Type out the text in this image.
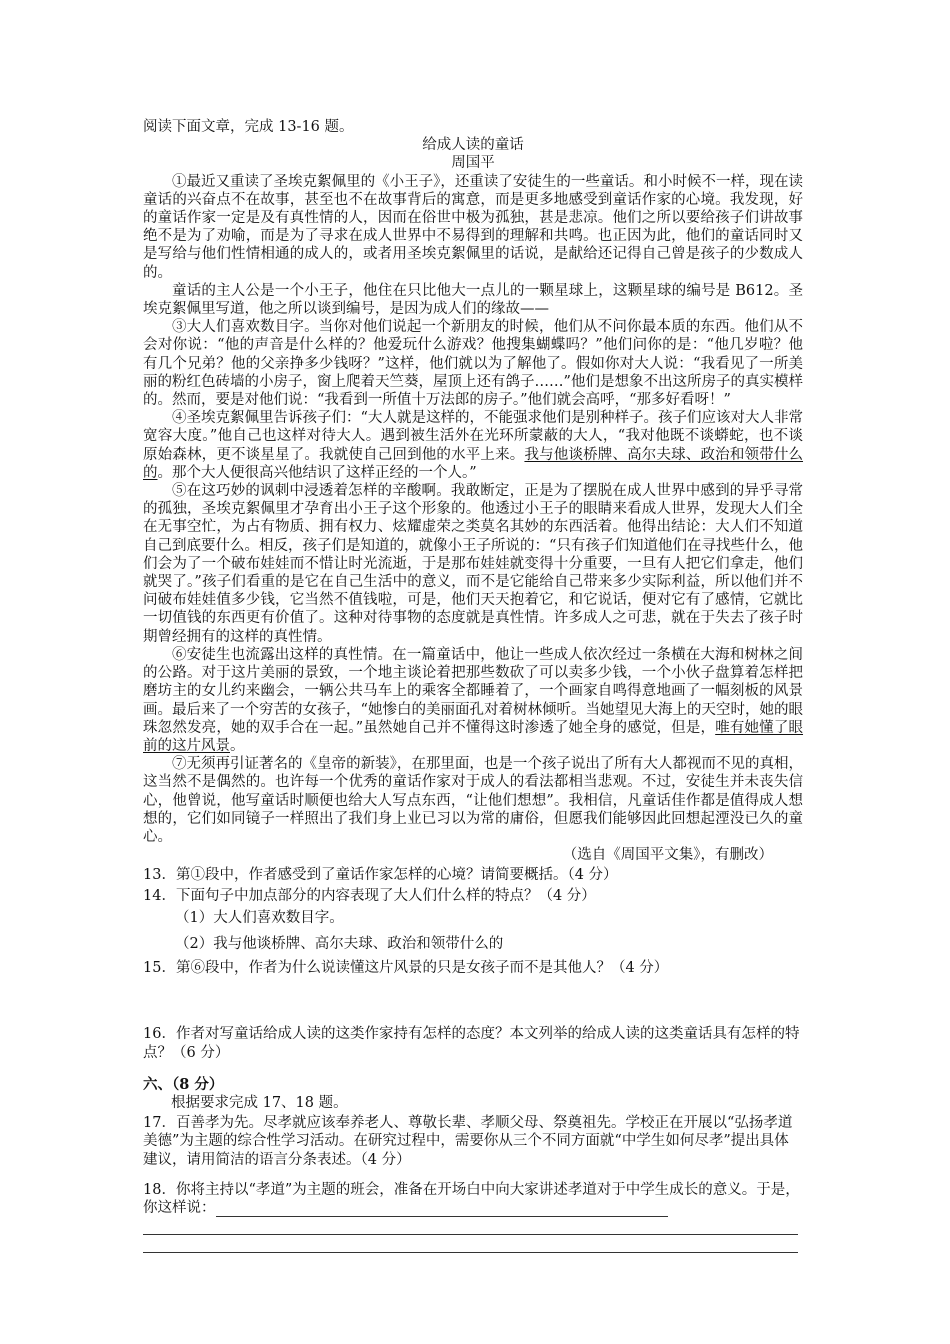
阅读下面文章，完成 13-16 题。
给成人读的童话
周国平
①最近又重读了圣埃克絮佩里的《小王子》，还重读了安徒生的一些童话。和小时候不一样，现在读童话的兴奋点不在故事，甚至也不在故事背后的寓意，而是更多地感受到童话作家的心境。我发现，好的童话作家一定是及有真性情的人，因而在俗世中极为孤独，甚是悲凉。他们之所以要给孩子们讲故事绝不是为了劝喻，而是为了寻求在成人世界中不易得到的理解和共鸣。也正因为此，他们的童话同时又是写给与他们性情相通的成人的，或者用圣埃克絮佩里的话说，是献给还记得自己曾是孩子的少数成人的。
童话的主人公是一个小王子，他住在只比他大一点儿的一颗星球上，这颗星球的编号是 B612。圣埃克絮佩里写道，他之所以谈到编号，是因为成人们的缘故——
③大人们喜欢数目字。当你对他们说起一个新朋友的时候，他们从不问你最本质的东西。他们从不会对你说：“他的声音是什么样的？他爱玩什么游戏？他搜集蝴蝶吗？”他们问你的是：“他几岁啦？他有几个兄弟？他的父亲挣多少钱呀？”这样，他们就以为了解他了。假如你对大人说：“我看见了一所美丽的粉红色砖墙的小房子，窗上爬着天竺葵，屋顶上还有鸽子……”他们是想象不出这所房子的真实模样的。然而，要是对他们说：“我看到一所值十万法郎的房子。”他们就会高呼，“那多好看呀！”
④圣埃克絮佩里告诉孩子们：“大人就是这样的，不能强求他们是别种样子。孩子们应该对大人非常宽容大度。”他自己也这样对待大人。遇到被生活外在光环所蒙蔽的大人，“我对他既不谈蟒蛇，也不谈原始森林，更不谈星星了。我就使自己回到他的水平上来。我与他谈桥牌、高尔夫球、政治和领带什么的。那个大人便很高兴他结识了这样正经的一个人。”
⑤在这巧妙的讽刺中浸透着怎样的辛酸啊。我敢断定，正是为了摆脱在成人世界中感到的异乎寻常的孤独，圣埃克絮佩里才孕育出小王子这个形象的。他透过小王子的眼睛来看成人世界，发现大人们全在无事空忙，为占有物质、拥有权力、炫耀虚荣之类莫名其妙的东西活着。他得出结论：大人们不知道自己到底要什么。相反，孩子们是知道的，就像小王子所说的：“只有孩子们知道他们在寻找些什么，他们会为了一个破布娃娃而不惜让时光流逝，于是那布娃娃就变得十分重要，一旦有人把它们拿走，他们就哭了。”孩子们看重的是它在自己生活中的意义，而不是它能给自己带来多少实际利益，所以他们并不问破布娃娃值多少钱，它当然不值钱啦，可是，他们天天抱着它，和它说话，便对它有了感情，它就比一切值钱的东西更有价值了。这种对待事物的态度就是真性情。许多成人之可悲，就在于失去了孩子时期曾经拥有的这样的真性情。
⑥安徒生也流露出这样的真性情。在一篇童话中，他让一些成人依次经过一条横在大海和树林之间的公路。对于这片美丽的景致，一个地主谈论着把那些数砍了可以卖多少钱，一个小伙子盘算着怎样把磨坊主的女儿约来幽会，一辆公共马车上的乘客全都睡着了，一个画家自鸣得意地画了一幅刻板的风景画。最后来了一个穷苦的女孩子，“她惨白的美丽面孔对着树林倾听。当她望见大海上的天空时，她的眼珠忽然发亮，她的双手合在一起。”虽然她自己并不懂得这时渗透了她全身的感觉，但是，唯有她懂了眼前的这片风景。
⑦无须再引证著名的《皇帝的新装》，在那里面，也是一个孩子说出了所有大人都视而不见的真相，这当然不是偶然的。也许每一个优秀的童话作家对于成人的看法都相当悲观。不过，安徒生并未丧失信心，他曾说，他写童话时顺便也给大人写点东西，“让他们想想”。我相信，凡童话佳作都是值得成人想想的，它们如同镜子一样照出了我们身上业已习以为常的庸俗，但愿我们能够因此回想起湮没已久的童心。
（选自《周国平文集》，有删改）
13．第①段中，作者感受到了童话作家怎样的心境？请简要概括。（4 分）
14．下面句子中加点部分的内容表现了大人们什么样的特点？（4 分）
（1）大人们喜欢数目字。
（2）我与他谈桥牌、高尔夫球、政治和领带什么的
15．第⑥段中，作者为什么说读懂这片风景的只是女孩子而不是其他人？（4 分）
16．作者对写童话给成人读的这类作家持有怎样的态度？本文列举的给成人读的这类童话具有怎样的特点？（6 分）
六、（8 分）
根据要求完成 17、18 题。
17．百善孝为先。尽孝就应该奉养老人、尊敬长辈、孝顺父母、祭奠祖先。学校正在开展以“弘扬孝道美德”为主题的综合性学习活动。在研究过程中，需要你从三个不同方面就“中学生如何尽孝”提出具体建议，请用简洁的语言分条表述。（4 分）
18．你将主持以“孝道”为主题的班会，准备在开场白中向大家讲述孝道对于中学生成长的意义。于是，你这样说：
